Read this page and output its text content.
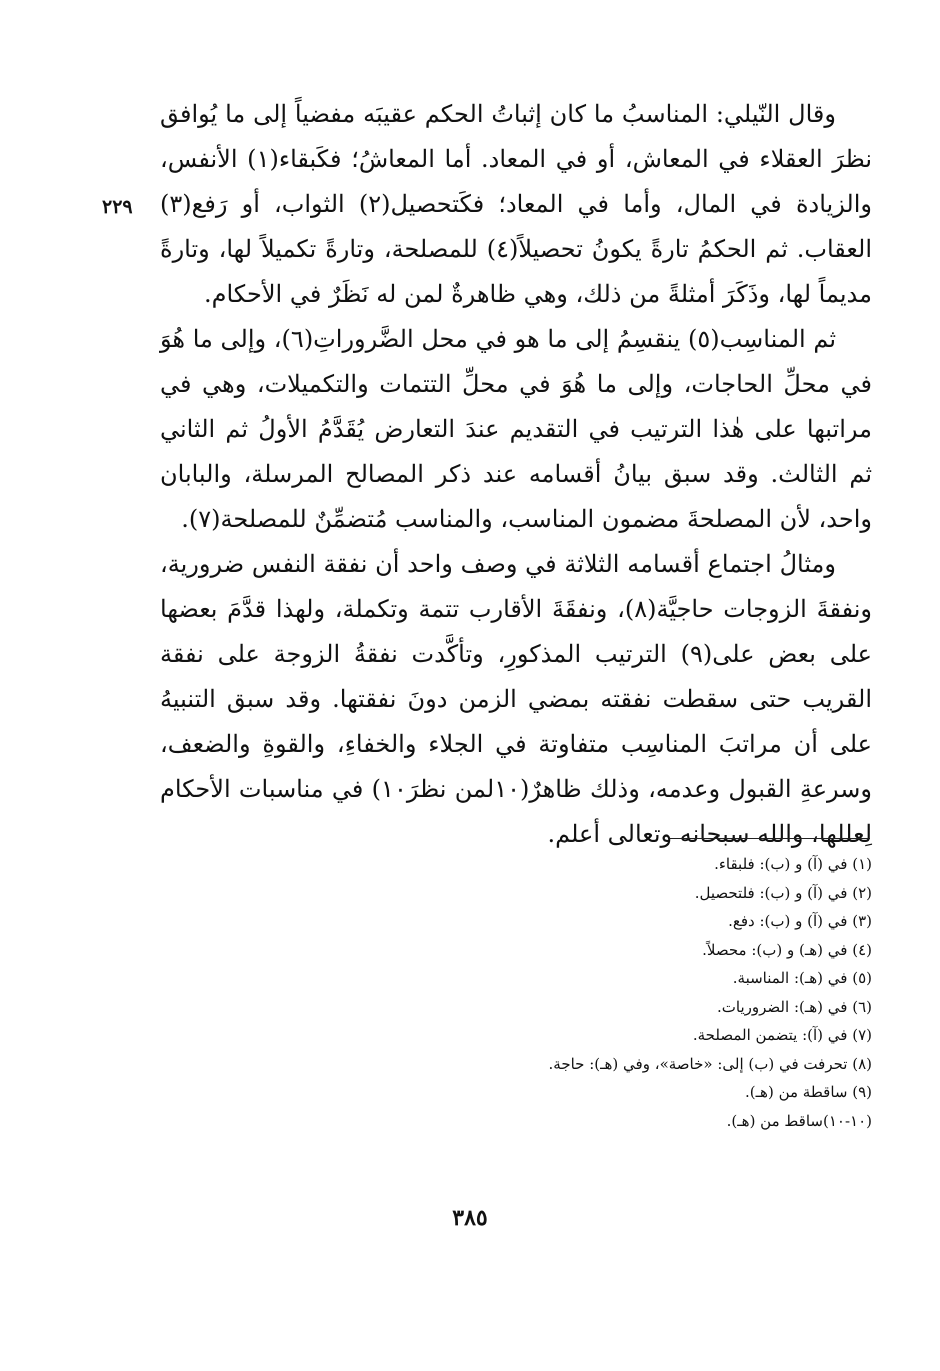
٢٢٩

وقال النّيلي: المناسبُ ما كان إثباتُ الحكم عقيبَه مفضياً إلى ما يُوافق نظرَ العقلاء في المعاش، أو في المعاد. أما المعاشُ؛ فكَبقاء(١) الأنفس، والزيادة في المال، وأما في المعاد؛ فكَتحصيل(٢) الثواب، أو رَفع(٣) العقاب. ثم الحكمُ تارةً يكونُ تحصيلاً(٤) للمصلحة، وتارةً تكميلاً لها، وتارةً مديماً لها، وذَكَرَ أمثلةً من ذلك، وهي ظاهرةٌ لمن له نَظَرٌ في الأحكام.

ثم المناسِب(٥) ينقسِمُ إلى ما هو في محل الضَّروراتِ(٦)، وإلى ما هُوَ في محلِّ الحاجات، وإلى ما هُوَ في محلِّ التتمات والتكميلات، وهي في مراتبها على هٰذا الترتيب في التقديم عندَ التعارض يُقَدَّمُ الأولُ ثم الثاني ثم الثالث. وقد سبق بيانُ أقسامه عند ذكر المصالح المرسلة، والبابان واحد، لأن المصلحةَ مضمون المناسب، والمناسب مُتضمِّنٌ للمصلحة(٧).

ومثالُ اجتماع أقسامه الثلاثة في وصف واحد أن نفقة النفس ضرورية، ونفقةَ الزوجات حاجيَّة(٨)، ونفقَةَ الأقارب تتمة وتكملة، ولهذا قدَّمَ بعضها على بعض على(٩) الترتيب المذكورِ، وتأكَّدت نفقةُ الزوجة على نفقة القريب حتى سقطت نفقته بمضي الزمن دونَ نفقتها. وقد سبق التنبيهُ على أن مراتبَ المناسِب متفاوتة في الجلاء والخفاءِ، والقوةِ والضعف، وسرعةِ القبول وعدمه، وذلك ظاهرٌ(١٠لمن نظرَ١٠) في مناسبات الأحكام لِعللها، والله سبحانه وتعالى أعلم.

(١) في (آ) و (ب): فلبقاء.
(٢) في (آ) و (ب): فلتحصيل.
(٣) في (آ) و (ب): دفع.
(٤) في (هـ) و (ب): محصلاً.
(٥) في (هـ): المناسبة.
(٦) في (هـ): الضروريات.
(٧) في (آ): يتضمن المصلحة.
(٨) تحرفت في (ب) إلى: «خاصة»، وفي (هـ): حاجة.
(٩) ساقطة من (هـ).
(١٠-١٠)ساقط من (هـ).
٣٨٥
